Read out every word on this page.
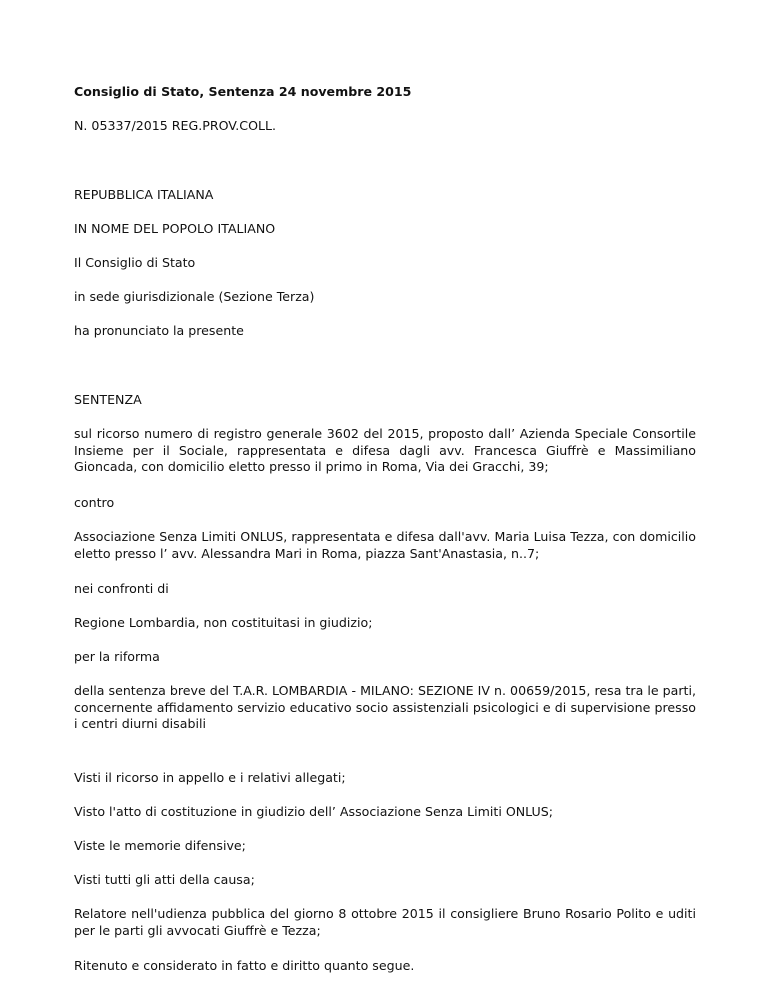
Consiglio di Stato, Sentenza 24 novembre 2015

N. 05337/2015 REG.PROV.COLL.

REPUBBLICA ITALIANA

IN NOME DEL POPOLO ITALIANO

Il Consiglio di Stato

in sede giurisdizionale (Sezione Terza)

ha pronunciato la presente

SENTENZA

sul ricorso numero di registro generale 3602 del 2015, proposto dall’ Azienda Speciale Consortile Insieme per il Sociale, rappresentata e difesa dagli avv. Francesca Giuffrè e Massimiliano Gioncada, con domicilio eletto presso il primo in Roma, Via dei Gracchi, 39;

contro

Associazione Senza Limiti ONLUS, rappresentata e difesa dall'avv. Maria Luisa Tezza, con domicilio eletto presso l’ avv. Alessandra Mari in Roma, piazza Sant'Anastasia, n..7;

nei confronti di

Regione Lombardia, non costituitasi in giudizio;

per la riforma

della sentenza breve del T.A.R. LOMBARDIA - MILANO: SEZIONE IV n. 00659/2015, resa tra le parti, concernente affidamento servizio educativo socio assistenziali psicologici e di supervisione presso i centri diurni disabili

Visti il ricorso in appello e i relativi allegati;

Visto l'atto di costituzione in giudizio dell’ Associazione Senza Limiti ONLUS;

Viste le memorie difensive;

Visti tutti gli atti della causa;

Relatore nell'udienza pubblica del giorno 8 ottobre 2015 il consigliere Bruno Rosario Polito e uditi per le parti gli avvocati Giuffrè e Tezza;

Ritenuto e considerato in fatto e diritto quanto segue.
